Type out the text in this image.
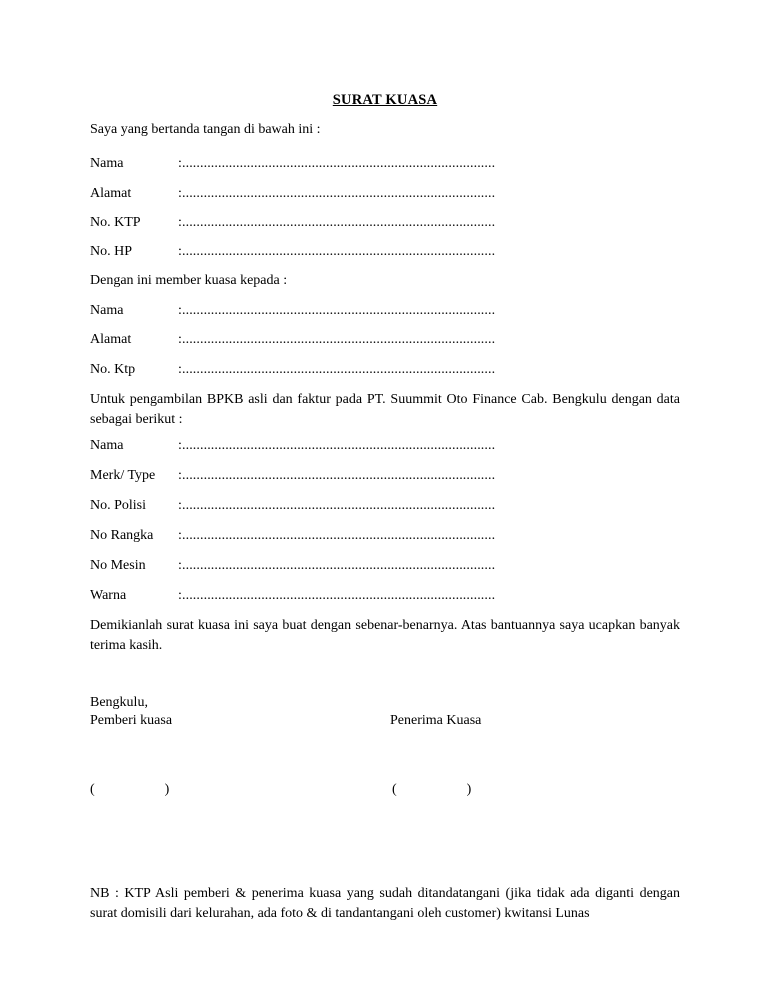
SURAT KUASA
Saya yang bertanda tangan di bawah ini :
Nama	:.......................................................................................
Alamat	:.......................................................................................
No. KTP	:.......................................................................................
No. HP	:.......................................................................................
Dengan ini member kuasa kepada :
Nama	:.......................................................................................
Alamat	:.......................................................................................
No. Ktp	:.......................................................................................
Untuk pengambilan BPKB asli dan faktur pada PT. Suummit Oto Finance Cab. Bengkulu dengan data sebagai berikut :
Nama	:.......................................................................................
Merk/ Type :.......................................................................................
No. Polisi :.......................................................................................
No Rangka :.......................................................................................
No Mesin :.......................................................................................
Warna	:.......................................................................................
Demikianlah surat kuasa ini saya buat dengan sebenar-benarnya. Atas bantuannya saya ucapkan banyak terima kasih.
Bengkulu,
Pemberi kuasa	Penerima Kuasa
(                    )	(                    )
NB : KTP Asli pemberi & penerima kuasa yang sudah ditandatangani (jika tidak ada diganti dengan surat domisili dari kelurahan, ada foto & di tandantangani oleh customer) kwitansi Lunas
